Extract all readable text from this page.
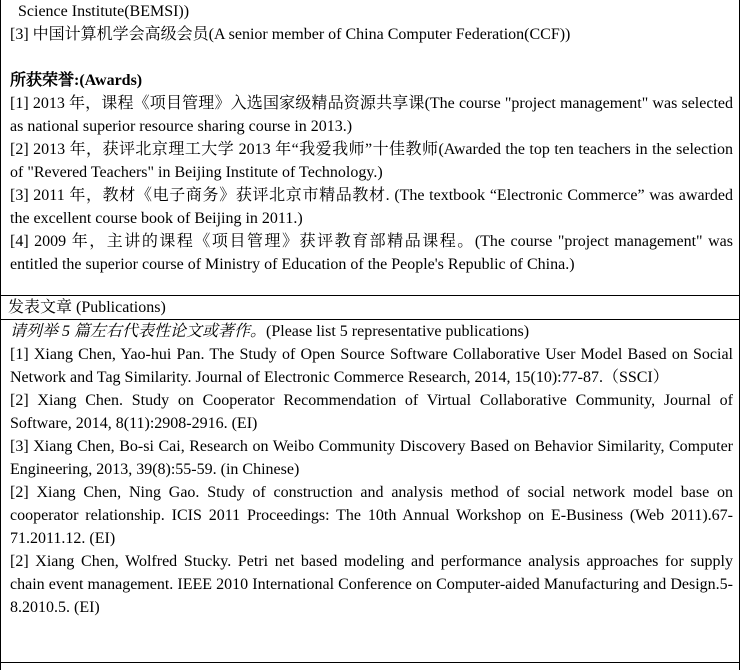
Science Institute(BEMSI))

[3] 中国计算机学会高级会员(A senior member of China Computer Federation(CCF))

所获荣誉:(Awards)

[1] 2013 年，课程《项目管理》入选国家级精品资源共享课(The course "project management" was selected as national superior resource sharing course in 2013.)

[2] 2013 年，获评北京理工大学 2013 年“我爱我师”十佳教师(Awarded the top ten teachers in the selection of "Revered Teachers" in Beijing Institute of Technology.)

[3] 2011 年，教材《电子商务》获评北京市精品教材. (The textbook “Electronic Commerce” was awarded the excellent course book of Beijing in 2011.)

[4] 2009 年，主讲的课程《项目管理》获评教育部精品课程。(The course "project management" was entitled the superior course of Ministry of Education of the People's Republic of China.)

发表文章 (Publications)

请列举 5 篇左右代表性论文或著作。(Please list 5 representative publications)

[1] Xiang Chen, Yao-hui Pan. The Study of Open Source Software Collaborative User Model Based on Social Network and Tag Similarity. Journal of Electronic Commerce Research, 2014, 15(10):77-87.（SSCI）

[2] Xiang Chen. Study on Cooperator Recommendation of Virtual Collaborative Community, Journal of Software, 2014, 8(11):2908-2916. (EI)

[3] Xiang Chen, Bo-si Cai, Research on Weibo Community Discovery Based on Behavior Similarity, Computer Engineering, 2013, 39(8):55-59. (in Chinese)

[2] Xiang Chen, Ning Gao. Study of construction and analysis method of social network model base on cooperator relationship. ICIS 2011 Proceedings: The 10th Annual Workshop on E-Business (Web 2011).67-71.2011.12. (EI)

[2] Xiang Chen, Wolfred Stucky. Petri net based modeling and performance analysis approaches for supply chain event management. IEEE 2010 International Conference on Computer-aided Manufacturing and Design.5-8.2010.5. (EI)
